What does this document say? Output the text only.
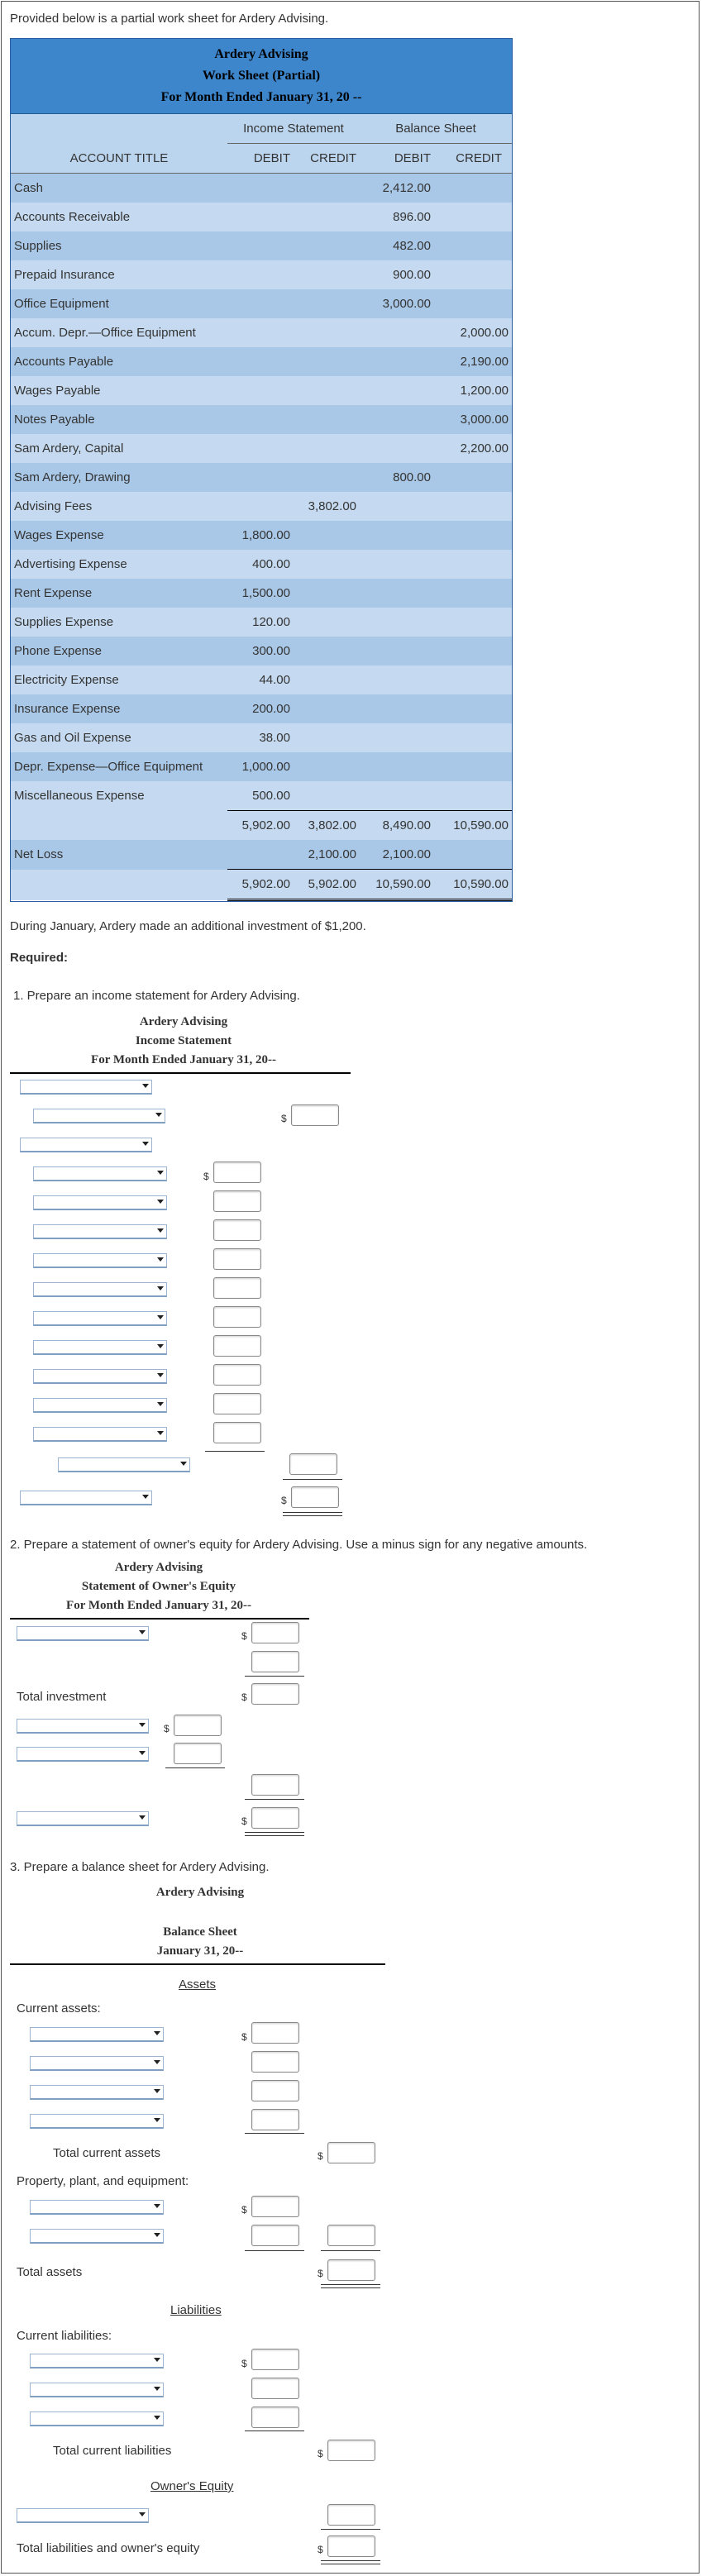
Provided below is a partial work sheet for Ardery Advising.
Ardery Advising
Work Sheet (Partial)
For Month Ended January 31, 20 --
	Income Statement		Balance Sheet	
ACCOUNT TITLE	DEBIT	CREDIT	DEBIT	CREDIT
Cash			2,412.00	
Accounts Receivable			896.00	
Supplies			482.00	
Prepaid Insurance			900.00	
Office Equipment			3,000.00	
Accum. Depr.—Office Equipment				2,000.00
Accounts Payable				2,190.00
Wages Payable				1,200.00
Notes Payable				3,000.00
Sam Ardery, Capital				2,200.00
Sam Ardery, Drawing			800.00	
Advising Fees		3,802.00		
Wages Expense	1,800.00			
Advertising Expense	400.00			
Rent Expense	1,500.00			
Supplies Expense	120.00			
Phone Expense	300.00			
Electricity Expense	44.00			
Insurance Expense	200.00			
Gas and Oil Expense	38.00			
Depr. Expense—Office Equipment	1,000.00			
Miscellaneous Expense	500.00			
	5,902.00	3,802.00	8,490.00	10,590.00
Net Loss		2,100.00	2,100.00	
	5,902.00	5,902.00	10,590.00	10,590.00
During January, Ardery made an additional investment of $1,200.
Required:
1. Prepare an income statement for Ardery Advising.
Ardery Advising
Income Statement
For Month Ended January 31, 20--
$
$
$
2. Prepare a statement of owner's equity for Ardery Advising. Use a minus sign for any negative amounts.
Ardery Advising
Statement of Owner's Equity
For Month Ended January 31, 20--
Total investment
$
$
$
$
3. Prepare a balance sheet for Ardery Advising.
Ardery Advising
Balance Sheet
January 31, 20--
Assets
Current assets:
Total current assets
Property, plant, and equipment:
Total assets
Liabilities
Current liabilities:
Total current liabilities
Owner's Equity
Total liabilities and owner's equity
$
$
$
$
$
$
$
